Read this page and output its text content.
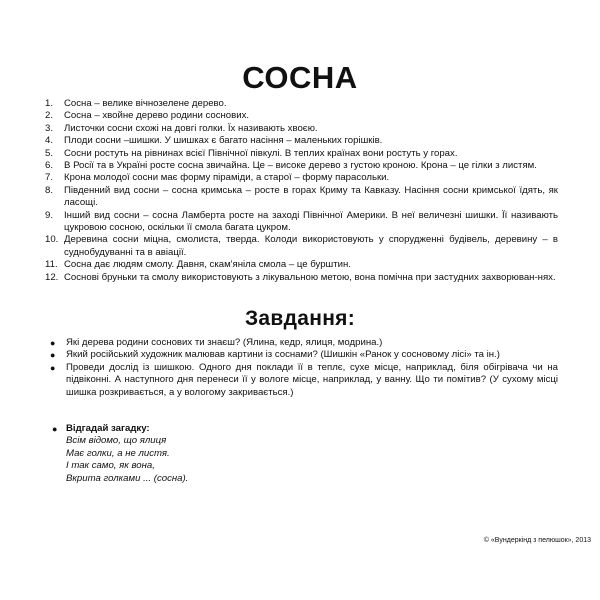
СОСНА
1. Сосна – велике вічнозелене дерево.
2. Сосна – хвойне дерево родини соснових.
3. Листочки сосни схожі на довгі голки. Їх називають хвоєю.
4. Плоди сосни –шишки. У шишках є багато насіння – маленьких горішків.
5. Сосни ростуть на рівнинах всієї Північної півкулі. В теплих країнах вони ростуть у горах.
6. В Росії та в Україні росте сосна звичайна. Це – високе дерево з густою кроною. Крона – це гілки з листям.
7. Крона молодої сосни має форму піраміди, а старої – форму парасольки.
8. Південний вид сосни – сосна кримська – росте в горах Криму та Кавказу. Насіння сосни кримської їдять, як ласощі.
9. Інший вид сосни – сосна Ламберта росте на заході Північної Америки. В неї величезні шишки. Її називають цукровою сосною, оскільки її смола багата цукром.
10. Деревина сосни міцна, смолиста, тверда. Колоди використовують у спорудженні будівель, деревину – в суднобудуванні та в авіації.
11. Сосна дає людям смолу. Давня, скам'яніла смола – це бурштин.
12. Соснові бруньки та смолу використовують з лікувальною метою, вона помічна при застудних захворюван-нях.
Завдання:
● Які дерева родини соснових ти знаєш? (Ялина, кедр, ялиця, модрина.)
● Який російський художник малював картини із соснами? (Шишкін «Ранок у сосновому лісі» та ін.)
● Проведи дослід із шишкою. Одного дня поклади її в теплє, сухе місце, наприклад, біля обігрівача чи на підвіконні. А наступного дня перенеси її у вологе місце, наприклад, у ванну. Що ти помітив? (У сухому місці шишка розкривається, а у вологому закривається.)
● Відгадай загадку:
Всім відомо, що ялиця
Має голки, а не листя.
І так само, як вона,
Вкрита голками ... (сосна).
© «Вундеркінд з пелюшок», 2013
